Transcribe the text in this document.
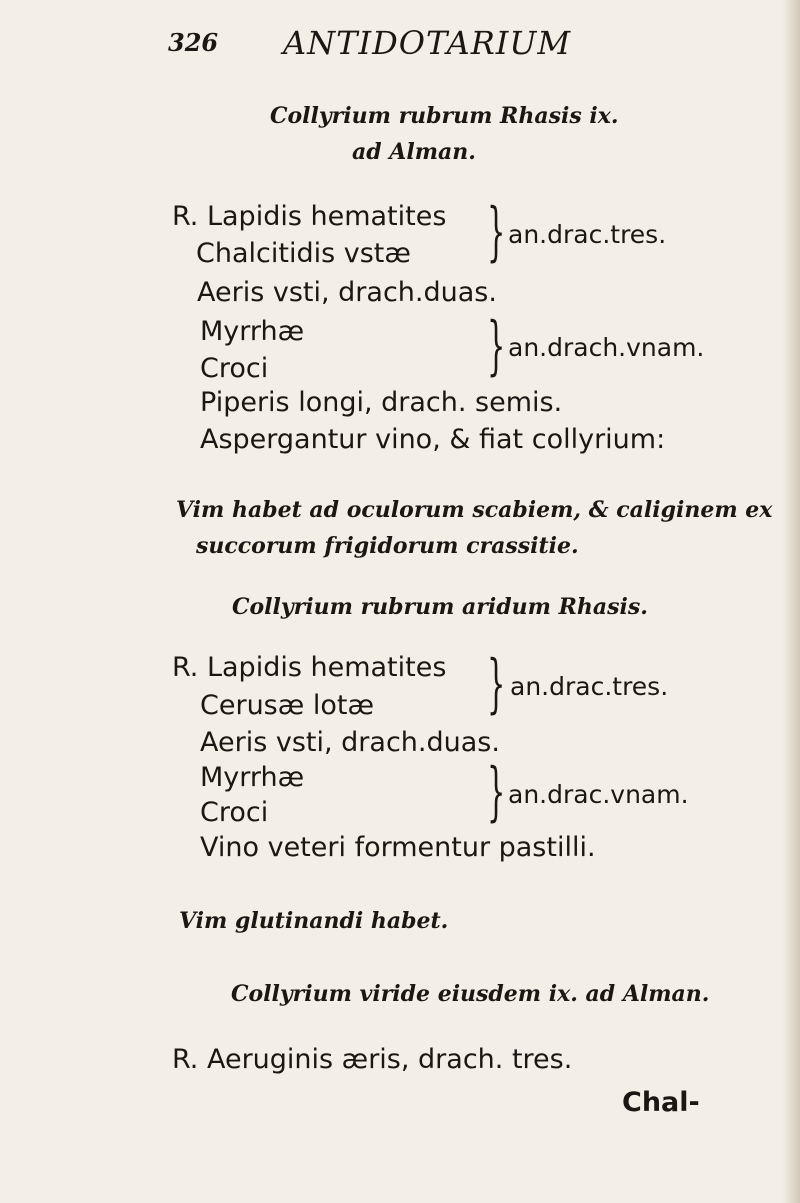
326 ANTIDOTARIUM
Collyrium rubrum Rhasis ix.
ad Alman.
R. Lapidis hematites
Chalcitidis vstæ } an.drac.tres.
Aeris vsti, drach.duas.
Myrrhæ
Croci	} an.drach.vnam.
Piperis longi, drach. semis.
Aspergantur vino, & fiat collyrium:
Vim habet ad oculorum scabiem, & caliginem ex
succorum frigidorum crassitie.
Collyrium rubrum aridum Rhasis.
R. Lapidis hematites
Cerusæ lotæ } an.drac.tres.
Aeris vsti, drach.duas.
Myrrhæ
Croci	} an.drac.vnam.
Vino veteri formentur pastilli.
Vim glutinandi habet.
Collyrium viride eiusdem ix. ad Alman.
R. Aeruginis æris, drach. tres.
Chal-
